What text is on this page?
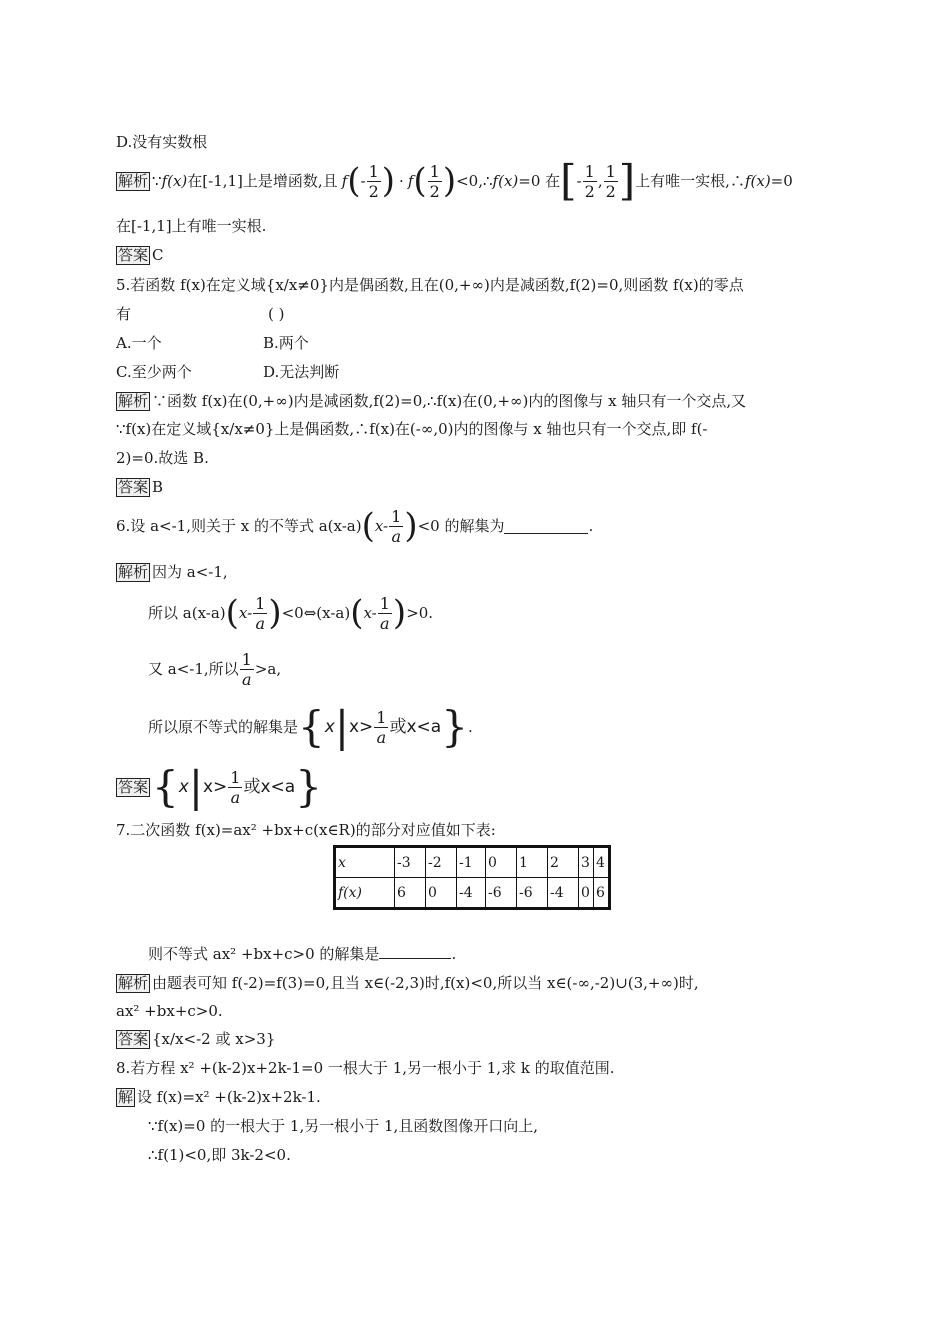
D.没有实数根
解析 ∵ f(x) 在[-1,1]上是增函数,且 f ( - $\frac{1}{2}$ ) · f ( $\frac{1}{2}$ ) <0,∴ f(x) =0 在 [ - $\frac{1}{2}$ , $\frac{1}{2}$ ] 上有唯一实根,∴ f(x) =0
在[-1,1]上有唯一实根.
答案 C
5.若函数 f(x)在定义域{x/x≠0}内是偶函数,且在(0,+∞)内是减函数,f(2)=0,则函数 f(x)的零点
有	( )
A.一个	B.两个
C.至少两个	D.无法判断
解析 ∵函数 f(x)在(0,+∞)内是减函数,f(2)=0,∴f(x)在(0,+∞)内的图像与 x 轴只有一个交点,又
∵f(x)在定义域{x/x≠0}上是偶函数,∴f(x)在(-∞,0)内的图像与 x 轴也只有一个交点,即 f(-
2)=0.故选 B.
答案 B
6.设 a<-1,则关于 x 的不等式 a(x-a) ( $x- \frac{1}{a}$ ) <0 的解集为	.
解析 因为 a<-1,
所以 a(x-a) ( $x- \frac{1}{a}$ ) <0⇔(x-a) ( $x- \frac{1}{a}$ ) >0.
又 a<-1,所以 $\frac{1}{a} >a$,
所以原不等式的解集是 { x | $x> \frac{1}{a}$ 或 x<a } .
答案 { x | $x> \frac{1}{a}$ 或 x<a }
7.二次函数 f(x)=ax² +bx+c(x∈R)的部分对应值如下表:
x	-3	-2	-1	0	1	2	3	4
f(x)	6	0	-4	-6	-6	-4	0	6
则不等式 ax² +bx+c>0 的解集是	.
解析 由题表可知 f(-2)=f(3)=0,且当 x∈(-2,3)时,f(x)<0,所以当 x∈(-∞,-2)∪(3,+∞)时,
ax² +bx+c>0.
答案 {x/x<-2 或 x>3}
8.若方程 x² +(k-2)x+2k-1=0 一根大于 1,另一根小于 1,求 k 的取值范围.
解 设 f(x)=x² +(k-2)x+2k-1.
∵f(x)=0 的一根大于 1,另一根小于 1,且函数图像开口向上,
∴f(1)<0,即 3k-2<0.
